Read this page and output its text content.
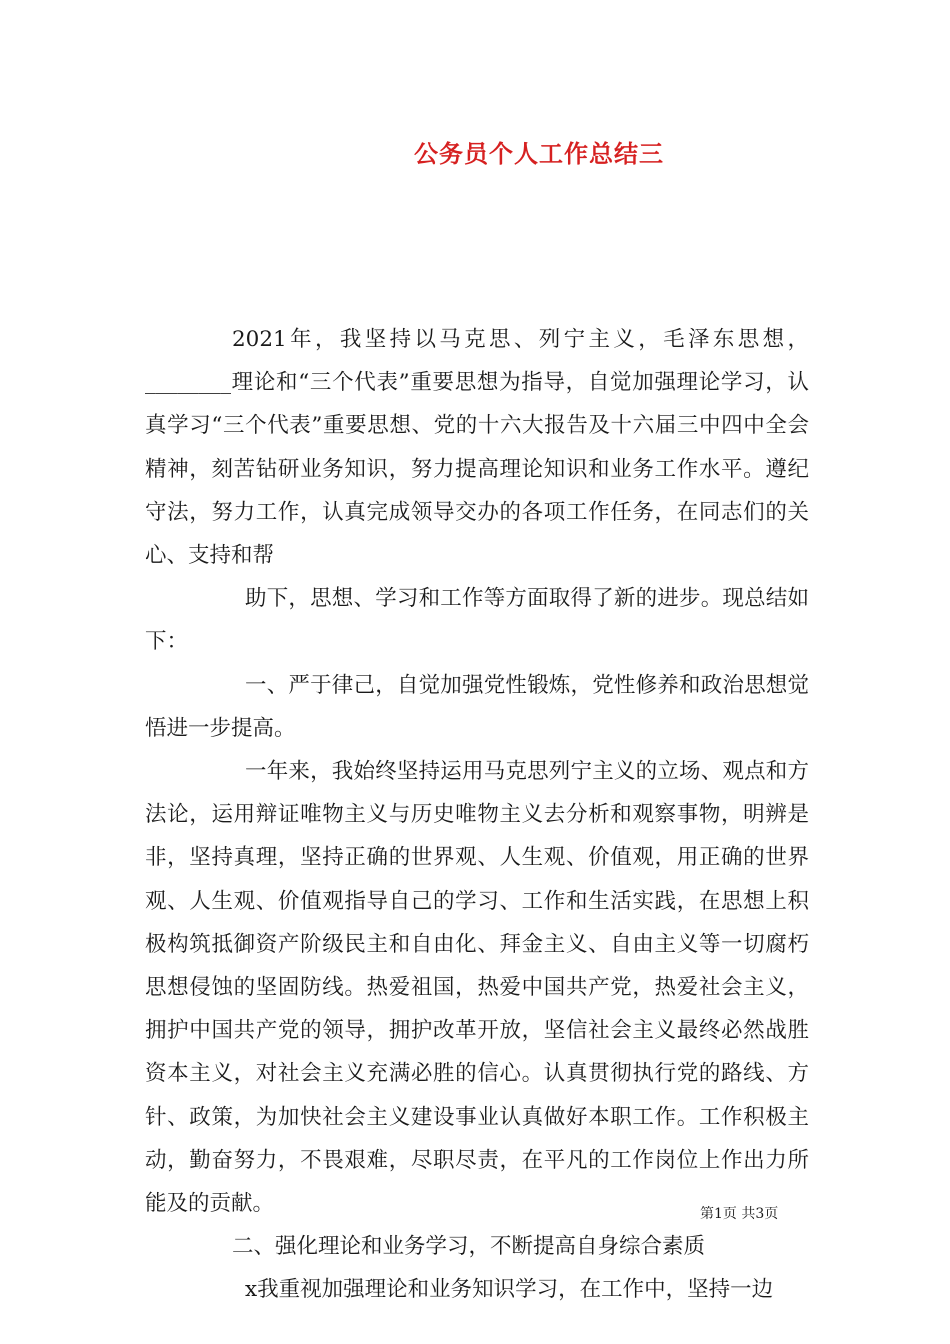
公务员个人工作总结三

2021年，我坚持以马克思、列宁主义，毛泽东思想，________理论和“三个代表”重要思想为指导，自觉加强理论学习，认真学习“三个代表”重要思想、党的十六大报告及十六届三中四中全会精神，刻苦钻研业务知识，努力提高理论知识和业务工作水平。遵纪守法，努力工作，认真完成领导交办的各项工作任务，在同志们的关心、支持和帮

助下，思想、学习和工作等方面取得了新的进步。现总结如下：

一、严于律己，自觉加强党性锻炼，党性修养和政治思想觉悟进一步提高。

一年来，我始终坚持运用马克思列宁主义的立场、观点和方法论，运用辩证唯物主义与历史唯物主义去分析和观察事物，明辨是非，坚持真理，坚持正确的世界观、人生观、价值观，用正确的世界观、人生观、价值观指导自己的学习、工作和生活实践，在思想上积极构筑抵御资产阶级民主和自由化、拜金主义、自由主义等一切腐朽思想侵蚀的坚固防线。热爱祖国，热爱中国共产党，热爱社会主义，拥护中国共产党的领导，拥护改革开放，坚信社会主义最终必然战胜资本主义，对社会主义充满必胜的信心。认真贯彻执行党的路线、方针、政策，为加快社会主义建设事业认真做好本职工作。工作积极主动，勤奋努力，不畏艰难，尽职尽责，在平凡的工作岗位上作出力所能及的贡献。

二、强化理论和业务学习，不断提高自身综合素质

x我重视加强理论和业务知识学习，在工作中，坚持一边

第1页 共3页
